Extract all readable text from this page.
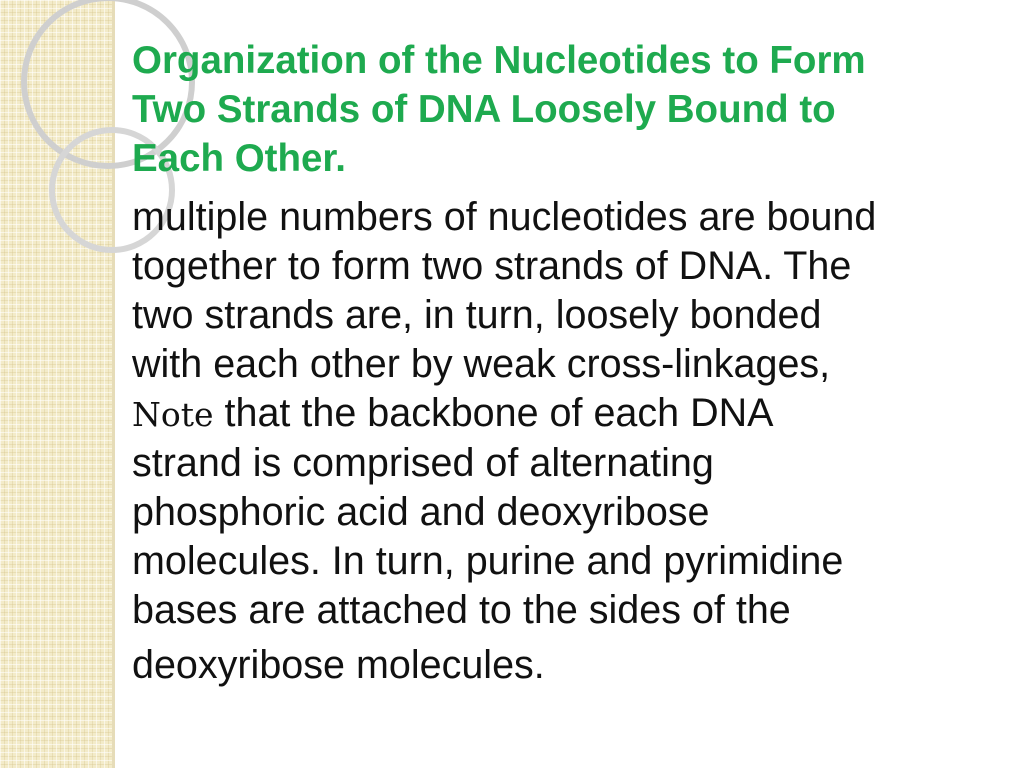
Organization of the Nucleotides to Form
Two Strands of DNA Loosely Bound to
Each Other.
multiple numbers of nucleotides are bound
together to form two strands of DNA. The
two strands are, in turn, loosely bonded
with each other by weak cross-linkages,
Note that the backbone of each DNA
strand is comprised of alternating
phosphoric acid and deoxyribose
molecules. In turn, purine and pyrimidine
bases are attached to the sides of the
deoxyribose molecules.
